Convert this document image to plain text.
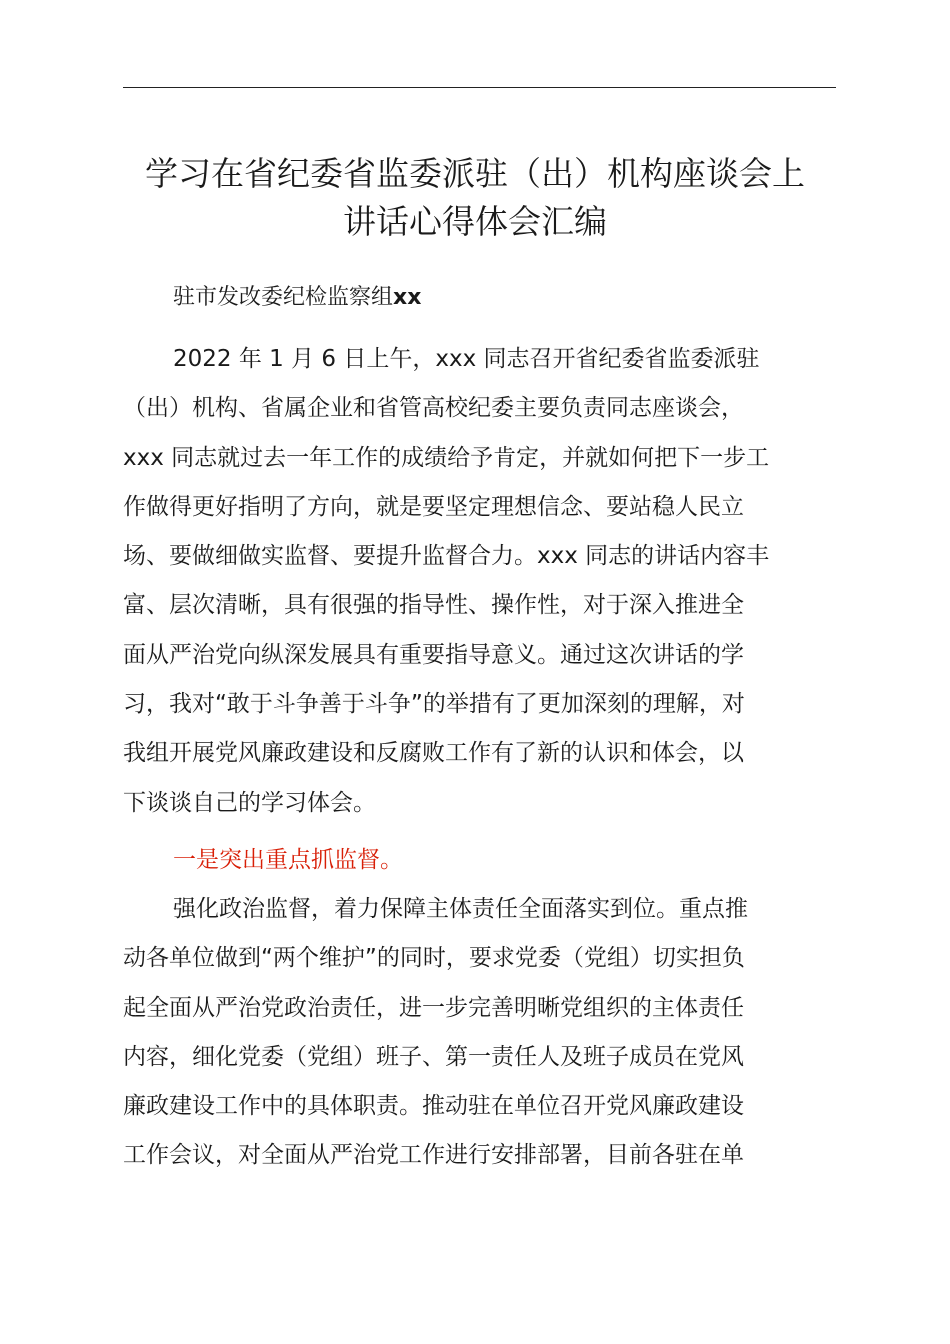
学习在省纪委省监委派驻（出）机构座谈会上
讲话心得体会汇编
驻市发改委纪检监察组xx
2022 年 1 月 6 日上午，xxx 同志召开省纪委省监委派驻
（出）机构、省属企业和省管高校纪委主要负责同志座谈会，
xxx 同志就过去一年工作的成绩给予肯定，并就如何把下一步工
作做得更好指明了方向，就是要坚定理想信念、要站稳人民立
场、要做细做实监督、要提升监督合力。xxx 同志的讲话内容丰
富、层次清晰，具有很强的指导性、操作性，对于深入推进全
面从严治党向纵深发展具有重要指导意义。通过这次讲话的学
习，我对“敢于斗争善于斗争”的举措有了更加深刻的理解，对
我组开展党风廉政建设和反腐败工作有了新的认识和体会，以
下谈谈自己的学习体会。
一是突出重点抓监督。
强化政治监督，着力保障主体责任全面落实到位。重点推
动各单位做到“两个维护”的同时，要求党委（党组）切实担负
起全面从严治党政治责任，进一步完善明晰党组织的主体责任
内容，细化党委（党组）班子、第一责任人及班子成员在党风
廉政建设工作中的具体职责。推动驻在单位召开党风廉政建设
工作会议，对全面从严治党工作进行安排部署，目前各驻在单
